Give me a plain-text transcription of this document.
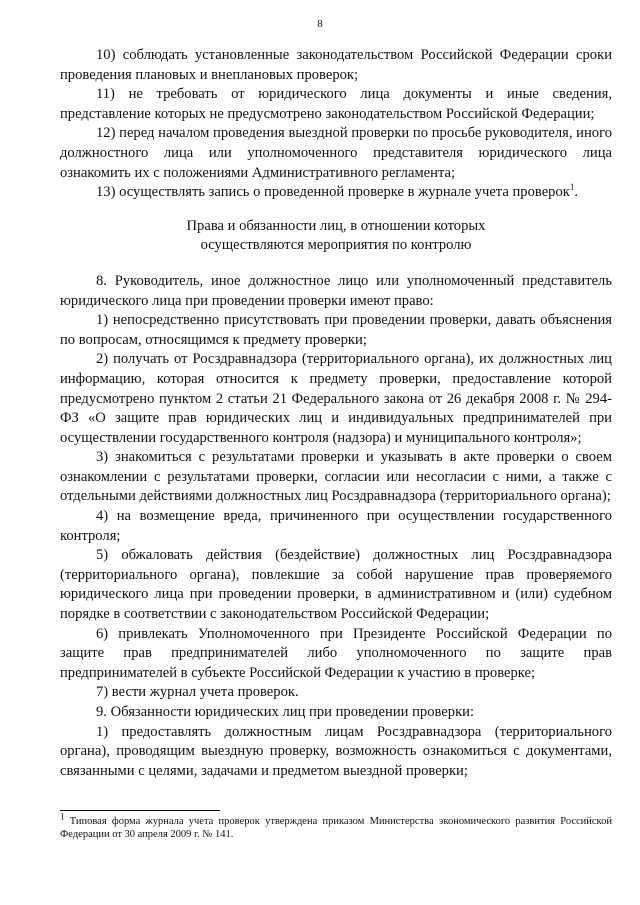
8

10) соблюдать установленные законодательством Российской Федерации сроки проведения плановых и внеплановых проверок;

11) не требовать от юридического лица документы и иные сведения, представление которых не предусмотрено законодательством Российской Федерации;

12) перед началом проведения выездной проверки по просьбе руководителя, иного должностного лица или уполномоченного представителя юридического лица ознакомить их с положениями Административного регламента;

13) осуществлять запись о проведенной проверке в журнале учета проверок$^1$.

Права и обязанности лиц, в отношении которых
осуществляются мероприятия по контролю

8. Руководитель, иное должностное лицо или уполномоченный представитель юридического лица при проведении проверки имеют право:

1) непосредственно присутствовать при проведении проверки, давать объяснения по вопросам, относящимся к предмету проверки;

2) получать от Росздравнадзора (территориального органа), их должностных лиц информацию, которая относится к предмету проверки, предоставление которой предусмотрено пунктом 2 статьи 21 Федерального закона от 26 декабря 2008 г. № 294-ФЗ «О защите прав юридических лиц и индивидуальных предпринимателей при осуществлении государственного контроля (надзора) и муниципального контроля»;

3) знакомиться с результатами проверки и указывать в акте проверки о своем ознакомлении с результатами проверки, согласии или несогласии с ними, а также с отдельными действиями должностных лиц Росздравнадзора (территориального органа);

4) на возмещение вреда, причиненного при осуществлении государственного контроля;

5) обжаловать действия (бездействие) должностных лиц Росздравнадзора (территориального органа), повлекшие за собой нарушение прав проверяемого юридического лица при проведении проверки, в административном и (или) судебном порядке в соответствии с законодательством Российской Федерации;

6) привлекать Уполномоченного при Президенте Российской Федерации по защите прав предпринимателей либо уполномоченного по защите прав предпринимателей в субъекте Российской Федерации к участию в проверке;

7) вести журнал учета проверок.

9. Обязанности юридических лиц при проведении проверки:

1) предоставлять должностным лицам Росздравнадзора (территориального органа), проводящим выездную проверку, возможность ознакомиться с документами, связанными с целями, задачами и предметом выездной проверки;

$^1$ Типовая форма журнала учета проверок утверждена приказом Министерства экономического развития Российской Федерации от 30 апреля 2009 г. № 141.
